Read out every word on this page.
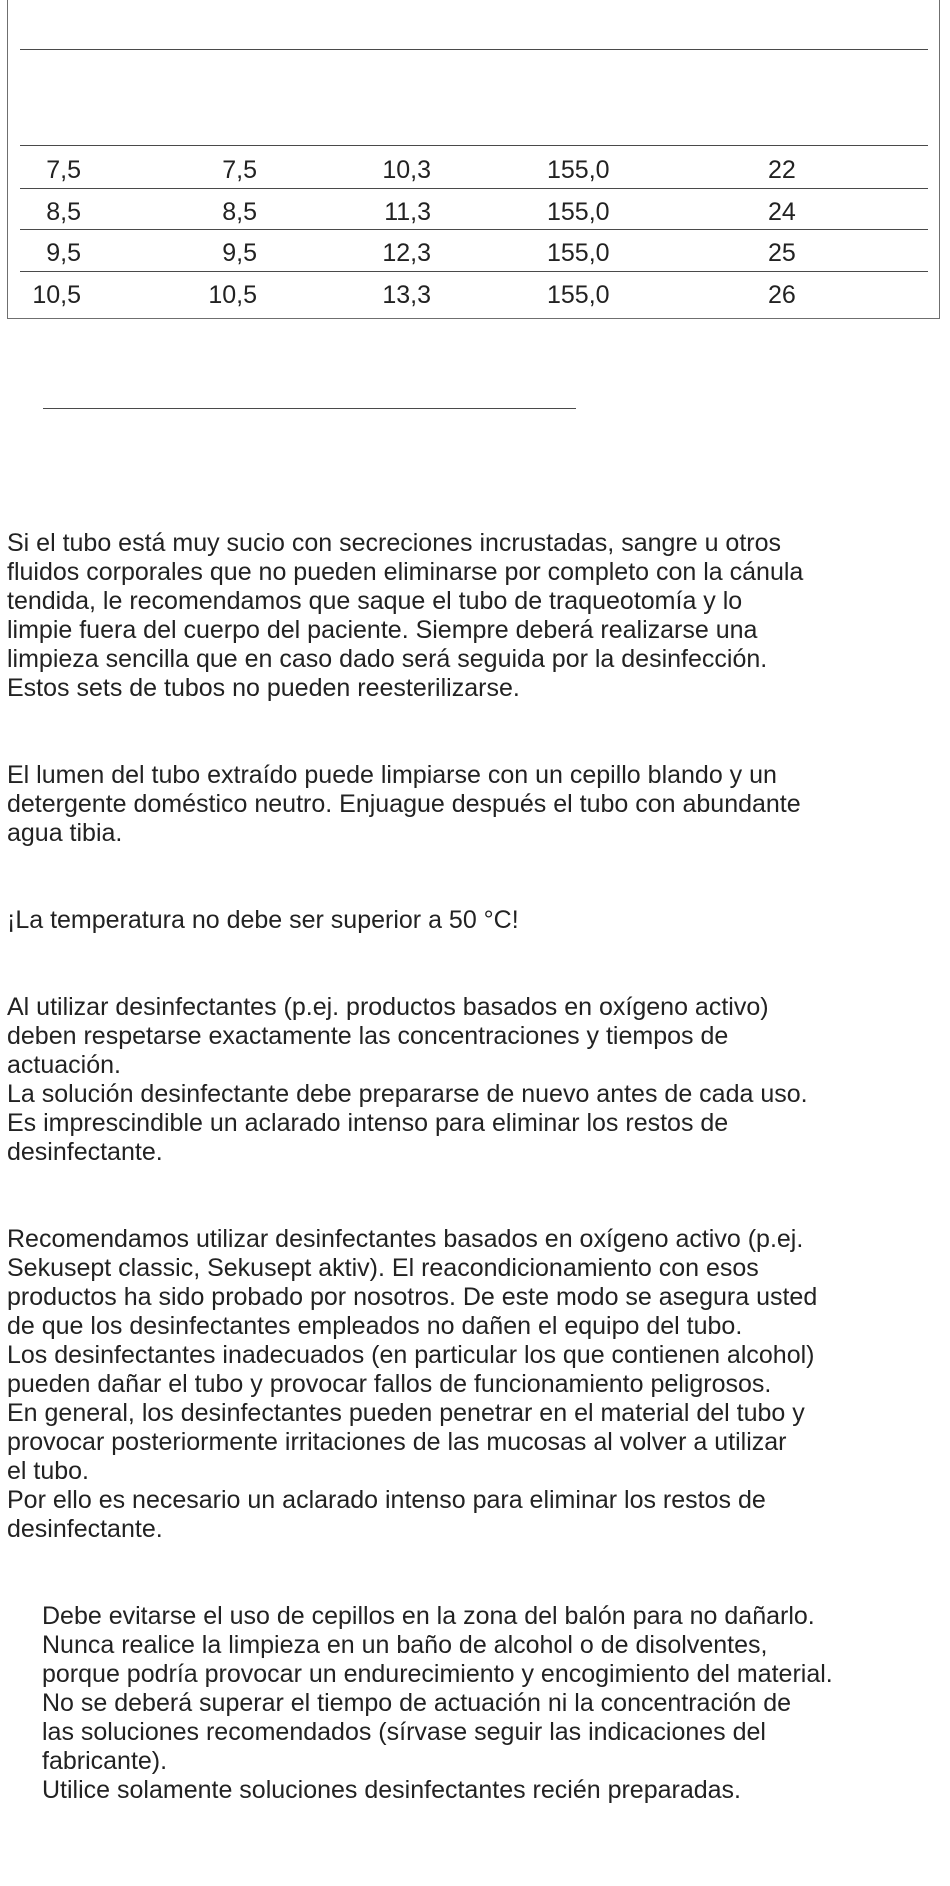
7,5	7,5	10,3	155,0	22
8,5	8,5	11,3	155,0	24
9,5	9,5	12,3	155,0	25
10,5	10,5	13,3	155,0	26

Si el tubo está muy sucio con secreciones incrustadas, sangre u otros
fluidos corporales que no pueden eliminarse por completo con la cánula
tendida, le recomendamos que saque el tubo de traqueotomía y lo
limpie fuera del cuerpo del paciente. Siempre deberá realizarse una
limpieza sencilla que en caso dado será seguida por la desinfección.
Estos sets de tubos no pueden reesterilizarse.

El lumen del tubo extraído puede limpiarse con un cepillo blando y un
detergente doméstico neutro. Enjuague después el tubo con abundante
agua tibia.

¡La temperatura no debe ser superior a 50 °C!

Al utilizar desinfectantes (p.ej. productos basados en oxígeno activo)
deben respetarse exactamente las concentraciones y tiempos de
actuación.
La solución desinfectante debe prepararse de nuevo antes de cada uso.
Es imprescindible un aclarado intenso para eliminar los restos de
desinfectante.

Recomendamos utilizar desinfectantes basados en oxígeno activo (p.ej.
Sekusept classic, Sekusept aktiv). El reacondicionamiento con esos
productos ha sido probado por nosotros. De este modo se asegura usted
de que los desinfectantes empleados no dañen el equipo del tubo.
Los desinfectantes inadecuados (en particular los que contienen alcohol)
pueden dañar el tubo y provocar fallos de funcionamiento peligrosos.
En general, los desinfectantes pueden penetrar en el material del tubo y
provocar posteriormente irritaciones de las mucosas al volver a utilizar
el tubo.
Por ello es necesario un aclarado intenso para eliminar los restos de
desinfectante.

Debe evitarse el uso de cepillos en la zona del balón para no dañarlo.
Nunca realice la limpieza en un baño de alcohol o de disolventes,
porque podría provocar un endurecimiento y encogimiento del material.
No se deberá superar el tiempo de actuación ni la concentración de
las soluciones recomendados (sírvase seguir las indicaciones del
fabricante).
Utilice solamente soluciones desinfectantes recién preparadas.
